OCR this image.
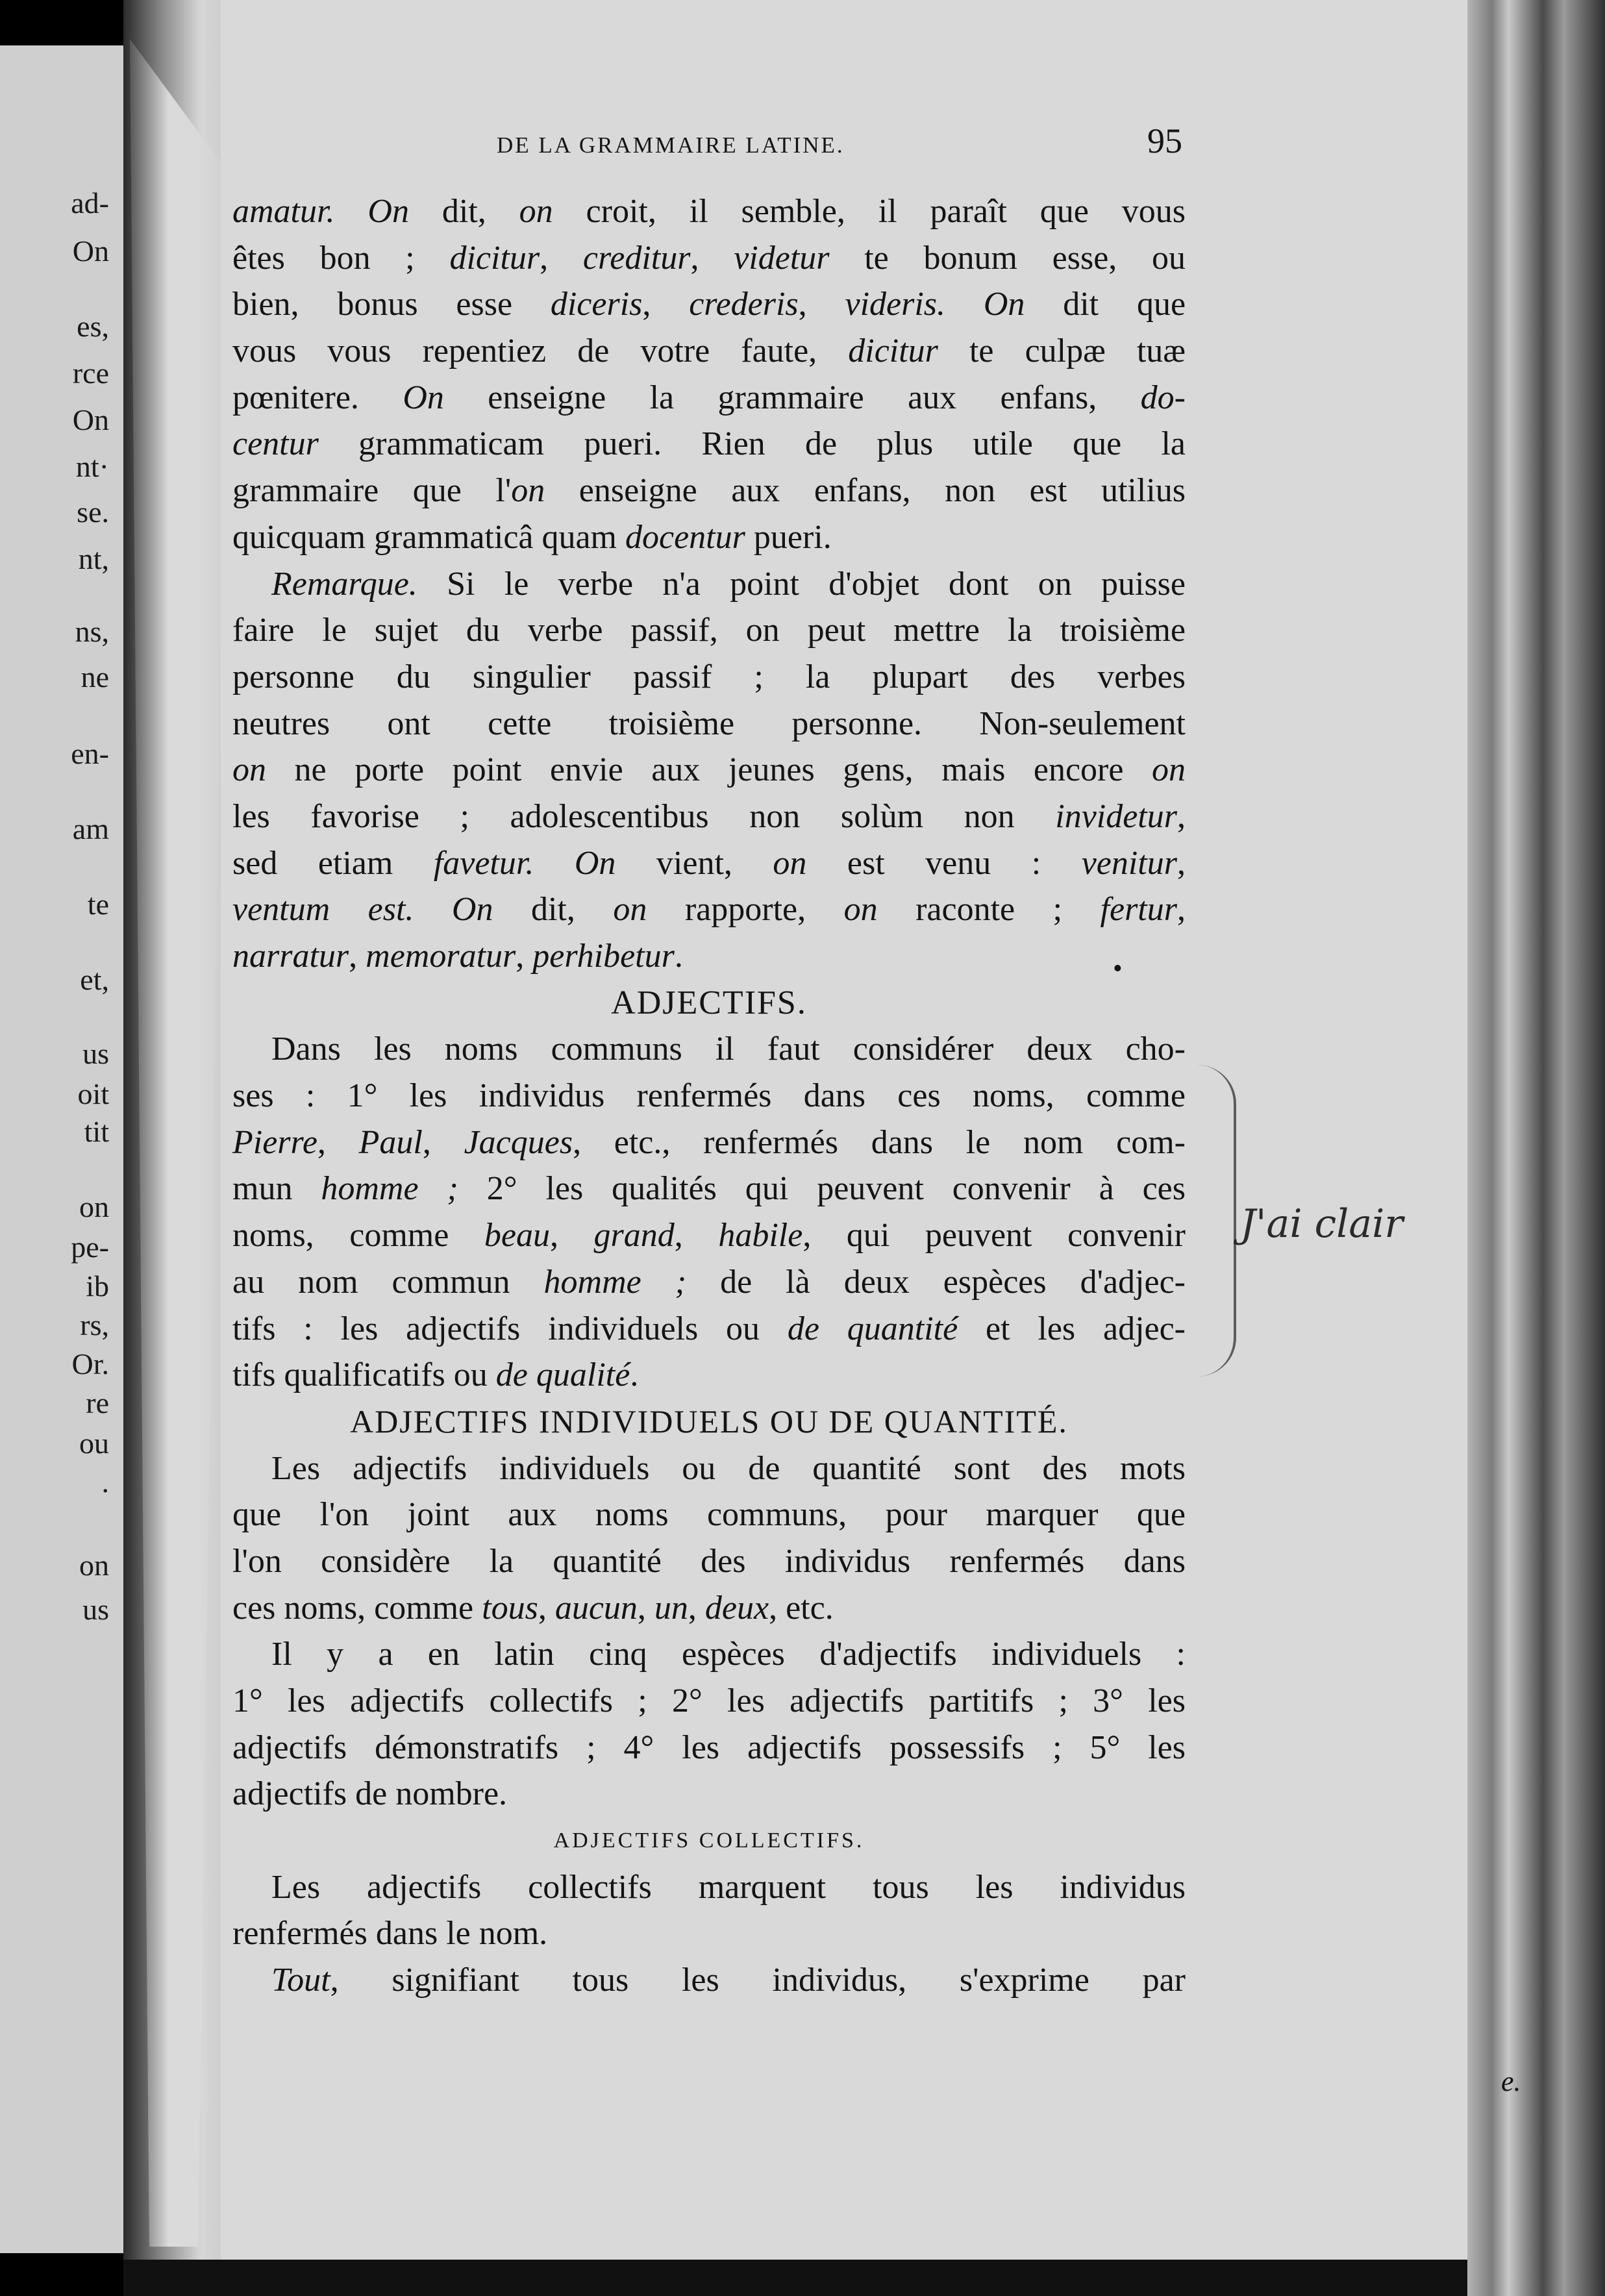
ad-
On
es,
rce
On
nt·
se.
nt,
ns,
ne
en-
am
te
et,
us
oit
tit
on
pe-
ib
rs,
Or.
re
ou
.
on
us
e.
DE LA GRAMMAIRE LATINE.	95
amatur. On dit, on croit, il semble, il paraît que vous
êtes bon ; dicitur, creditur, videtur te bonum esse, ou
bien, bonus esse diceris, crederis, videris. On dit que
vous vous repentiez de votre faute, dicitur te culpæ tuæ
pœnitere. On enseigne la grammaire aux enfans, do-
centur grammaticam pueri. Rien de plus utile que la
grammaire que l'on enseigne aux enfans, non est utilius
quicquam grammaticâ quam docentur pueri.
Remarque. Si le verbe n'a point d'objet dont on puisse
faire le sujet du verbe passif, on peut mettre la troisième
personne du singulier passif ; la plupart des verbes
neutres ont cette troisième personne. Non-seulement
on ne porte point envie aux jeunes gens, mais encore on
les favorise ; adolescentibus non solùm non invidetur,
sed etiam favetur. On vient, on est venu : venitur,
ventum est. On dit, on rapporte, on raconte ; fertur,
narratur, memoratur, perhibetur.
ADJECTIFS.
Dans les noms communs il faut considérer deux cho-
ses : 1° les individus renfermés dans ces noms, comme
Pierre, Paul, Jacques, etc., renfermés dans le nom com-
mun homme ; 2° les qualités qui peuvent convenir à ces
noms, comme beau, grand, habile, qui peuvent convenir
au nom commun homme ; de là deux espèces d'adjec-
tifs : les adjectifs individuels ou de quantité et les adjec-
tifs qualificatifs ou de qualité.
ADJECTIFS INDIVIDUELS OU DE QUANTITÉ.
Les adjectifs individuels ou de quantité sont des mots
que l'on joint aux noms communs, pour marquer que
l'on considère la quantité des individus renfermés dans
ces noms, comme tous, aucun, un, deux, etc.
Il y a en latin cinq espèces d'adjectifs individuels :
1° les adjectifs collectifs ; 2° les adjectifs partitifs ; 3° les
adjectifs démonstratifs ; 4° les adjectifs possessifs ; 5° les
adjectifs de nombre.
ADJECTIFS COLLECTIFS.
Les adjectifs collectifs marquent tous les individus
renfermés dans le nom.
Tout, signifiant tous les individus, s'exprime par
•
J'ai clair
